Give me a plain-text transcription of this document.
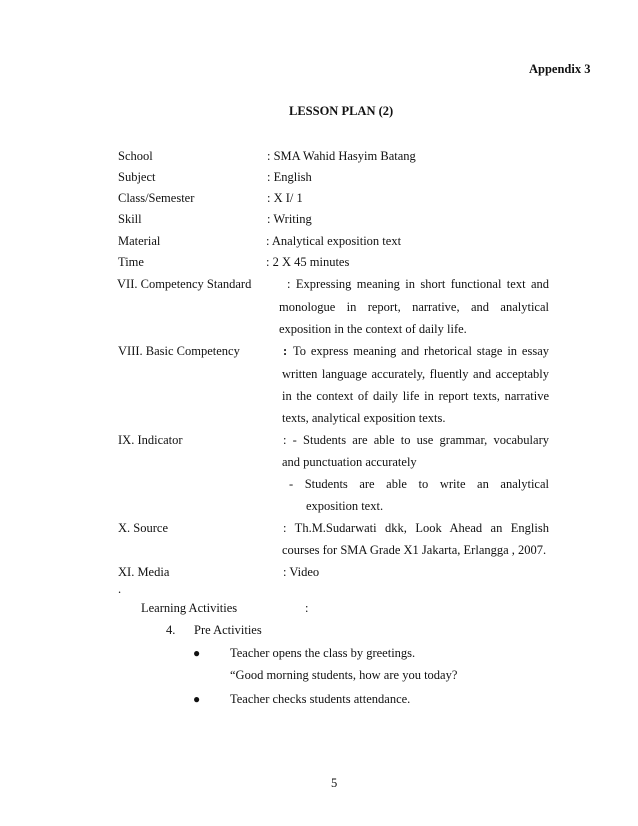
Appendix 3
LESSON PLAN (2)
School	: SMA Wahid Hasyim Batang
Subject	: English
Class/Semester	: X I/ 1
Skill	: Writing
Material	: Analytical exposition text
Time	: 2 X 45 minutes
VII. Competency Standard	: Expressing meaning in short functional text and
monologue in report, narrative, and analytical
exposition in the context of daily life.
VIII. Basic Competency	: To express meaning and rhetorical stage in essay
written language accurately, fluently and acceptably
in the context of daily life in report texts, narrative
texts, analytical exposition texts.
IX. Indicator	: - Students are able to use grammar, vocabulary
and punctuation accurately
- Students are able to write an analytical
exposition text.
X. Source	: Th.M.Sudarwati dkk, Look Ahead an English
courses for SMA Grade X1 Jakarta, Erlangga , 2007.
XI. Media	: Video
.
Learning Activities	:
4. Pre Activities
● Teacher opens the class by greetings.
“Good morning students, how are you today?
● Teacher checks students attendance.
5
